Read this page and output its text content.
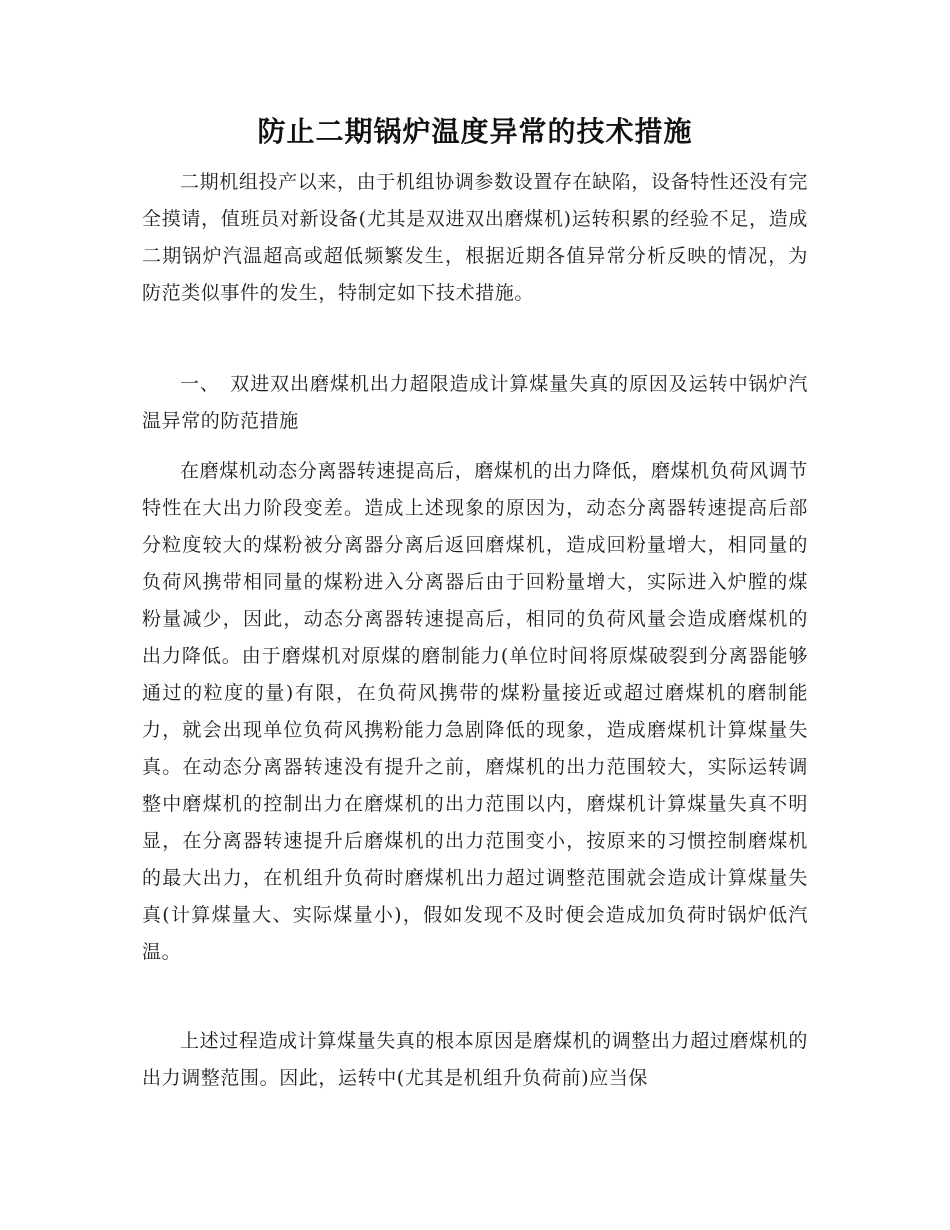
防止二期锅炉温度异常的技术措施

二期机组投产以来，由于机组协调参数设置存在缺陷，设备特性还没有完全摸请，值班员对新设备(尤其是双进双出磨煤机)运转积累的经验不足，造成二期锅炉汽温超高或超低频繁发生，根据近期各值异常分析反映的情况，为防范类似事件的发生，特制定如下技术措施。

一、　双进双出磨煤机出力超限造成计算煤量失真的原因及运转中锅炉汽温异常的防范措施

在磨煤机动态分离器转速提高后，磨煤机的出力降低，磨煤机负荷风调节特性在大出力阶段变差。造成上述现象的原因为，动态分离器转速提高后部分粒度较大的煤粉被分离器分离后返回磨煤机，造成回粉量增大，相同量的负荷风携带相同量的煤粉进入分离器后由于回粉量增大，实际进入炉膛的煤粉量减少，因此，动态分离器转速提高后，相同的负荷风量会造成磨煤机的出力降低。由于磨煤机对原煤的磨制能力(单位时间将原煤破裂到分离器能够通过的粒度的量)有限，在负荷风携带的煤粉量接近或超过磨煤机的磨制能力，就会出现单位负荷风携粉能力急剧降低的现象，造成磨煤机计算煤量失真。在动态分离器转速没有提升之前，磨煤机的出力范围较大，实际运转调整中磨煤机的控制出力在磨煤机的出力范围以内，磨煤机计算煤量失真不明显，在分离器转速提升后磨煤机的出力范围变小，按原来的习惯控制磨煤机的最大出力，在机组升负荷时磨煤机出力超过调整范围就会造成计算煤量失真(计算煤量大、实际煤量小)，假如发现不及时便会造成加负荷时锅炉低汽温。

上述过程造成计算煤量失真的根本原因是磨煤机的调整出力超过磨煤机的出力调整范围。因此，运转中(尤其是机组升负荷前)应当保
